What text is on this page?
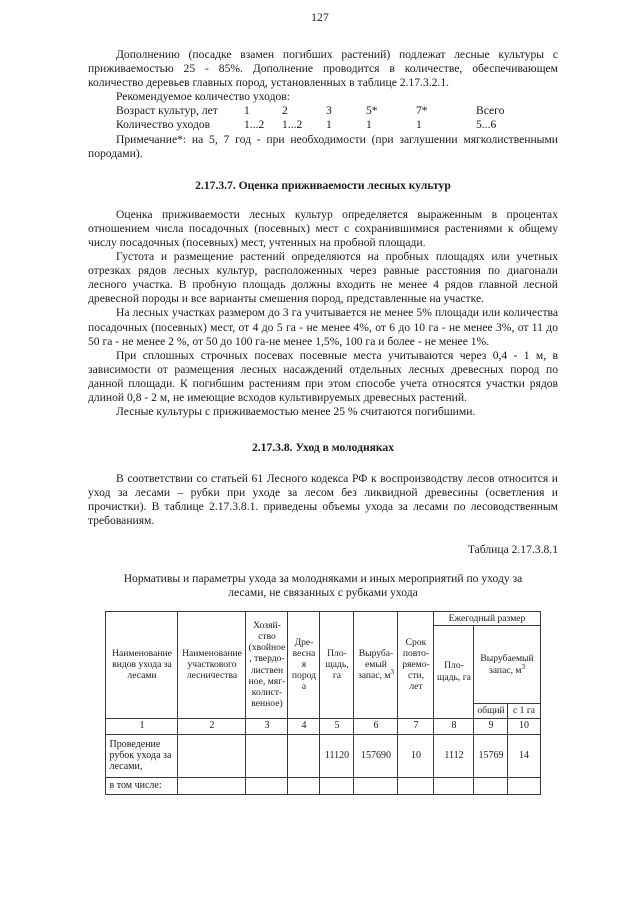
127

Дополнению (посадке взамен погибших растений) подлежат лесные культуры с приживаемостью 25 - 85%. Дополнение проводится в количестве, обеспечивающем количество деревьев главных пород, установленных в таблице 2.17.3.2.1.

Рекомендуемое количество уходов:

Возраст культур, лет	1	2	3	5*	7*	Всего
Количество уходов	1...2	1...2	1	1	1	5...6

Примечание*: на 5, 7 год - при необходимости (при заглушении мягколиственными породами).

2.17.3.7. Оценка приживаемости лесных культур

Оценка приживаемости лесных культур определяется выраженным в процентах отношением числа посадочных (посевных) мест с сохранившимися растениями к общему числу посадочных (посевных) мест, учтенных на пробной площади.

Густота и размещение растений определяются на пробных площадях или учетных отрезках рядов лесных культур, расположенных через равные расстояния по диагонали лесного участка. В пробную площадь должны входить не менее 4 рядов главной лесной древесной породы и все варианты смешения пород, представленные на участке.

На лесных участках размером до 3 га учитывается не менее 5% площади или количества посадочных (посевных) мест, от 4 до 5 га - не менее 4%, от 6 до 10 га - не менее 3%, от 11 до 50 га - не менее 2 %, от 50 до 100 га-не менее 1,5%, 100 га и более - не менее 1%.

При сплошных строчных посевах посевные места учитываются через 0,4 - 1 м, в зависимости от размещения лесных насаждений отдельных лесных древесных пород по данной площади. К погибшим растениям при этом способе учета относятся участки рядов длиной 0,8 - 2 м, не имеющие всходов культивируемых древесных растений.

Лесные культуры с приживаемостью менее 25 % считаются погибшими.

2.17.3.8. Уход в молодняках

В соответствии со статьей 61 Лесного кодекса РФ к воспроизводству лесов относится и уход за лесами – рубки при уходе за лесом без ликвидной древесины (осветления и прочистки). В таблице 2.17.3.8.1. приведены объемы ухода за лесами по лесоводственным требованиям.

Таблица 2.17.3.8.1

Нормативы и параметры ухода за молодняками и иных мероприятий по уходу за лесами, не связанных с рубками ухода

Наименование видов ухода за лесами	Наименование участкового лесничества	Хозяй-ство (хвойное, твердо-лиственное, мяг-колист-венное)	Дре-весная порода	Пло-щадь, га	Выруба-емый запас, $м^3$	Срок повто-ряемо-сти, лет	Ежегодный размер		
							Пло-щадь, га	Вырубаемый запас, $м^3$
								общий	с 1 га
1	2	3	4	5	6	7	8	9	10
Проведение рубок ухода за лесами,				11120	157690	10	1112	15769	14
в том числе:									
